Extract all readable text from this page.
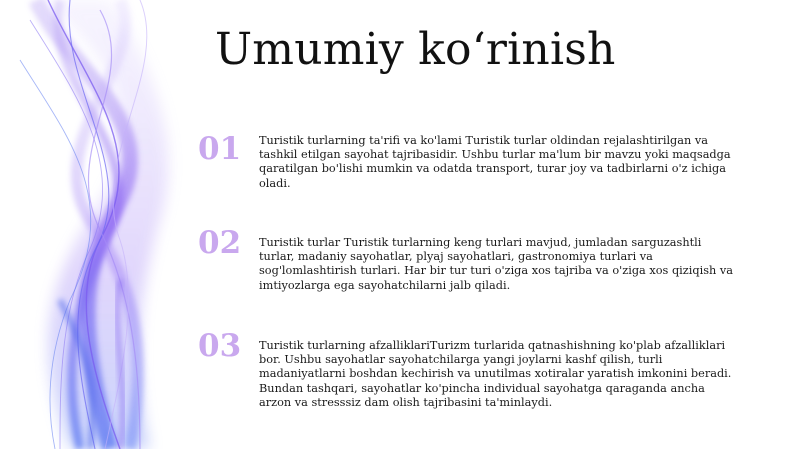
Umumiy ko‘rinish
01 Turistik turlarning ta'rifi va ko'lami Turistik turlar oldindan rejalashtirilgan va tashkil etilgan sayohat tajribasidir. Ushbu turlar ma'lum bir mavzu yoki maqsadga qaratilgan bo'lishi mumkin va odatda transport, turar joy va tadbirlarni o'z ichiga oladi.
02 Turistik turlar Turistik turlarning keng turlari mavjud, jumladan sarguzashtli turlar, madaniy sayohatlar, plyaj sayohatlari, gastronomiya turlari va sog'lomlashtirish turlari. Har bir tur turi o'ziga xos tajriba va o'ziga xos qiziqish va imtiyozlarga ega sayohatchilarni jalb qiladi.
03 Turistik turlarning afzalliklariTurizm turlarida qatnashishning ko'plab afzalliklari bor. Ushbu sayohatlar sayohatchilarga yangi joylarni kashf qilish, turli madaniyatlarni boshdan kechirish va unutilmas xotiralar yaratish imkonini beradi. Bundan tashqari, sayohatlar ko'pincha individual sayohatga qaraganda ancha arzon va stresssiz dam olish tajribasini ta'minlaydi.
